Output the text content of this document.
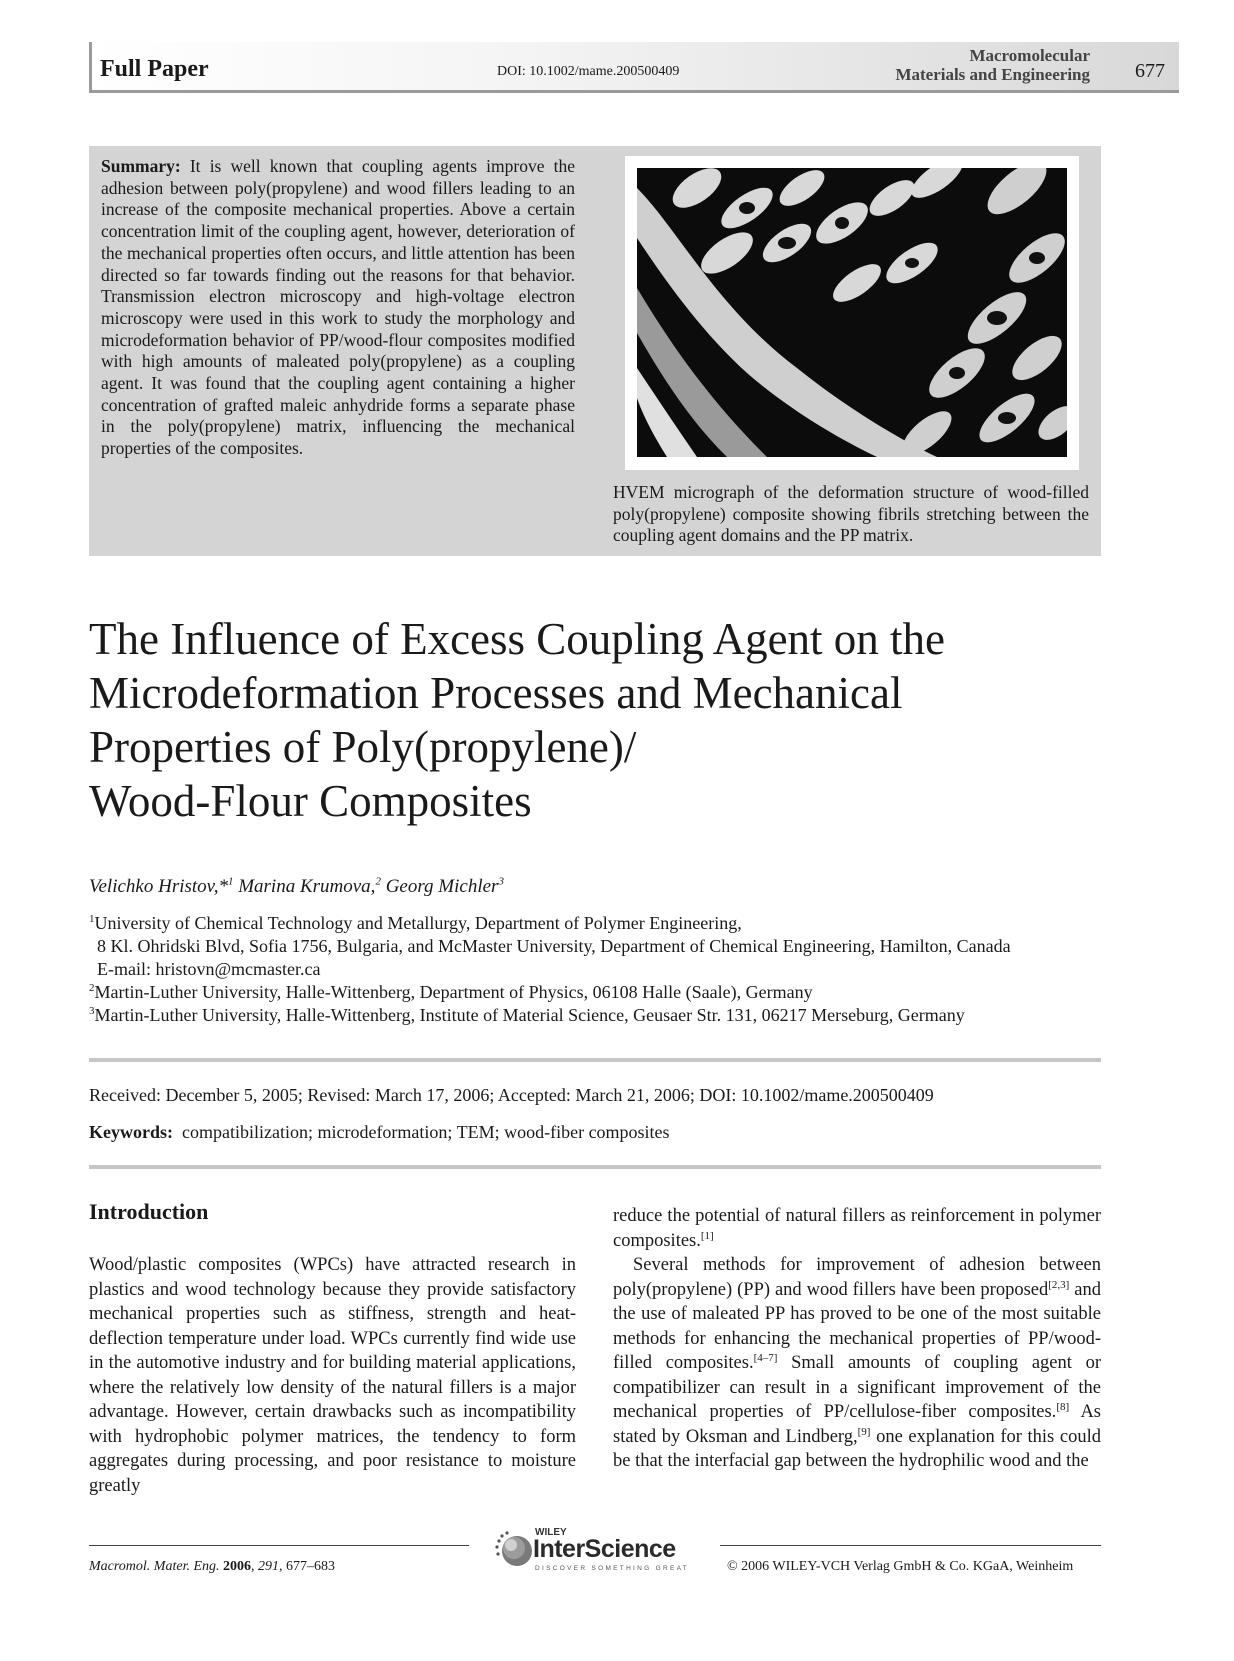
Full Paper	DOI: 10.1002/mame.200500409
Macromolecular
Materials and Engineering 677
Summary: It is well known that coupling agents improve the adhesion between poly(propylene) and wood fillers leading to an increase of the composite mechanical properties. Above a certain concentration limit of the coupling agent, however, deterioration of the mechanical properties often occurs, and little attention has been directed so far towards finding out the reasons for that behavior. Transmission electron microscopy and high-voltage electron microscopy were used in this work to study the morphology and microdeformation behavior of PP/wood-flour composites modified with high amounts of maleated poly(propylene) as a coupling agent. It was found that the coupling agent containing a higher concentration of grafted maleic anhydride forms a separate phase in the poly(propylene) matrix, influencing the mechanical properties of the composites.
HVEM micrograph of the deformation structure of wood-filled poly(propylene) composite showing fibrils stretching between the coupling agent domains and the PP matrix.
The Influence of Excess Coupling Agent on the
Microdeformation Processes and Mechanical
Properties of Poly(propylene)/
Wood-Flour Composites
Velichko Hristov,*$^1$ Marina Krumova,$^2$ Georg Michler$^3$
$^1$University of Chemical Technology and Metallurgy, Department of Polymer Engineering,
8 Kl. Ohridski Blvd, Sofia 1756, Bulgaria, and McMaster University, Department of Chemical Engineering, Hamilton, Canada
E-mail: hristovn@mcmaster.ca
$^2$Martin-Luther University, Halle-Wittenberg, Department of Physics, 06108 Halle (Saale), Germany
$^3$Martin-Luther University, Halle-Wittenberg, Institute of Material Science, Geusaer Str. 131, 06217 Merseburg, Germany
Received: December 5, 2005; Revised: March 17, 2006; Accepted: March 21, 2006; DOI: 10.1002/mame.200500409
Keywords: compatibilization; microdeformation; TEM; wood-fiber composites
Introduction
Wood/plastic composites (WPCs) have attracted research in plastics and wood technology because they provide satisfactory mechanical properties such as stiffness, strength and heat-deflection temperature under load. WPCs currently find wide use in the automotive industry and for building material applications, where the relatively low density of the natural fillers is a major advantage. However, certain drawbacks such as incompatibility with hydrophobic polymer matrices, the tendency to form aggregates during processing, and poor resistance to moisture greatly

reduce the potential of natural fillers as reinforcement in polymer composites.[1]

Several methods for improvement of adhesion between poly(propylene) (PP) and wood fillers have been proposed[2,3] and the use of maleated PP has proved to be one of the most suitable methods for enhancing the mechanical properties of PP/wood-filled composites.[4–7] Small amounts of coupling agent or compatibilizer can result in a significant improvement of the mechanical properties of PP/cellulose-fiber composites.[8] As stated by Oksman and Lindberg,[9] one explanation for this could be that the interfacial gap between the hydrophilic wood and the

Macromol. Mater. Eng. 2006, 291, 677–683
WILEY
InterScience
DISCOVER SOMETHING GREAT	© 2006 WILEY-VCH Verlag GmbH & Co. KGaA, Weinheim
